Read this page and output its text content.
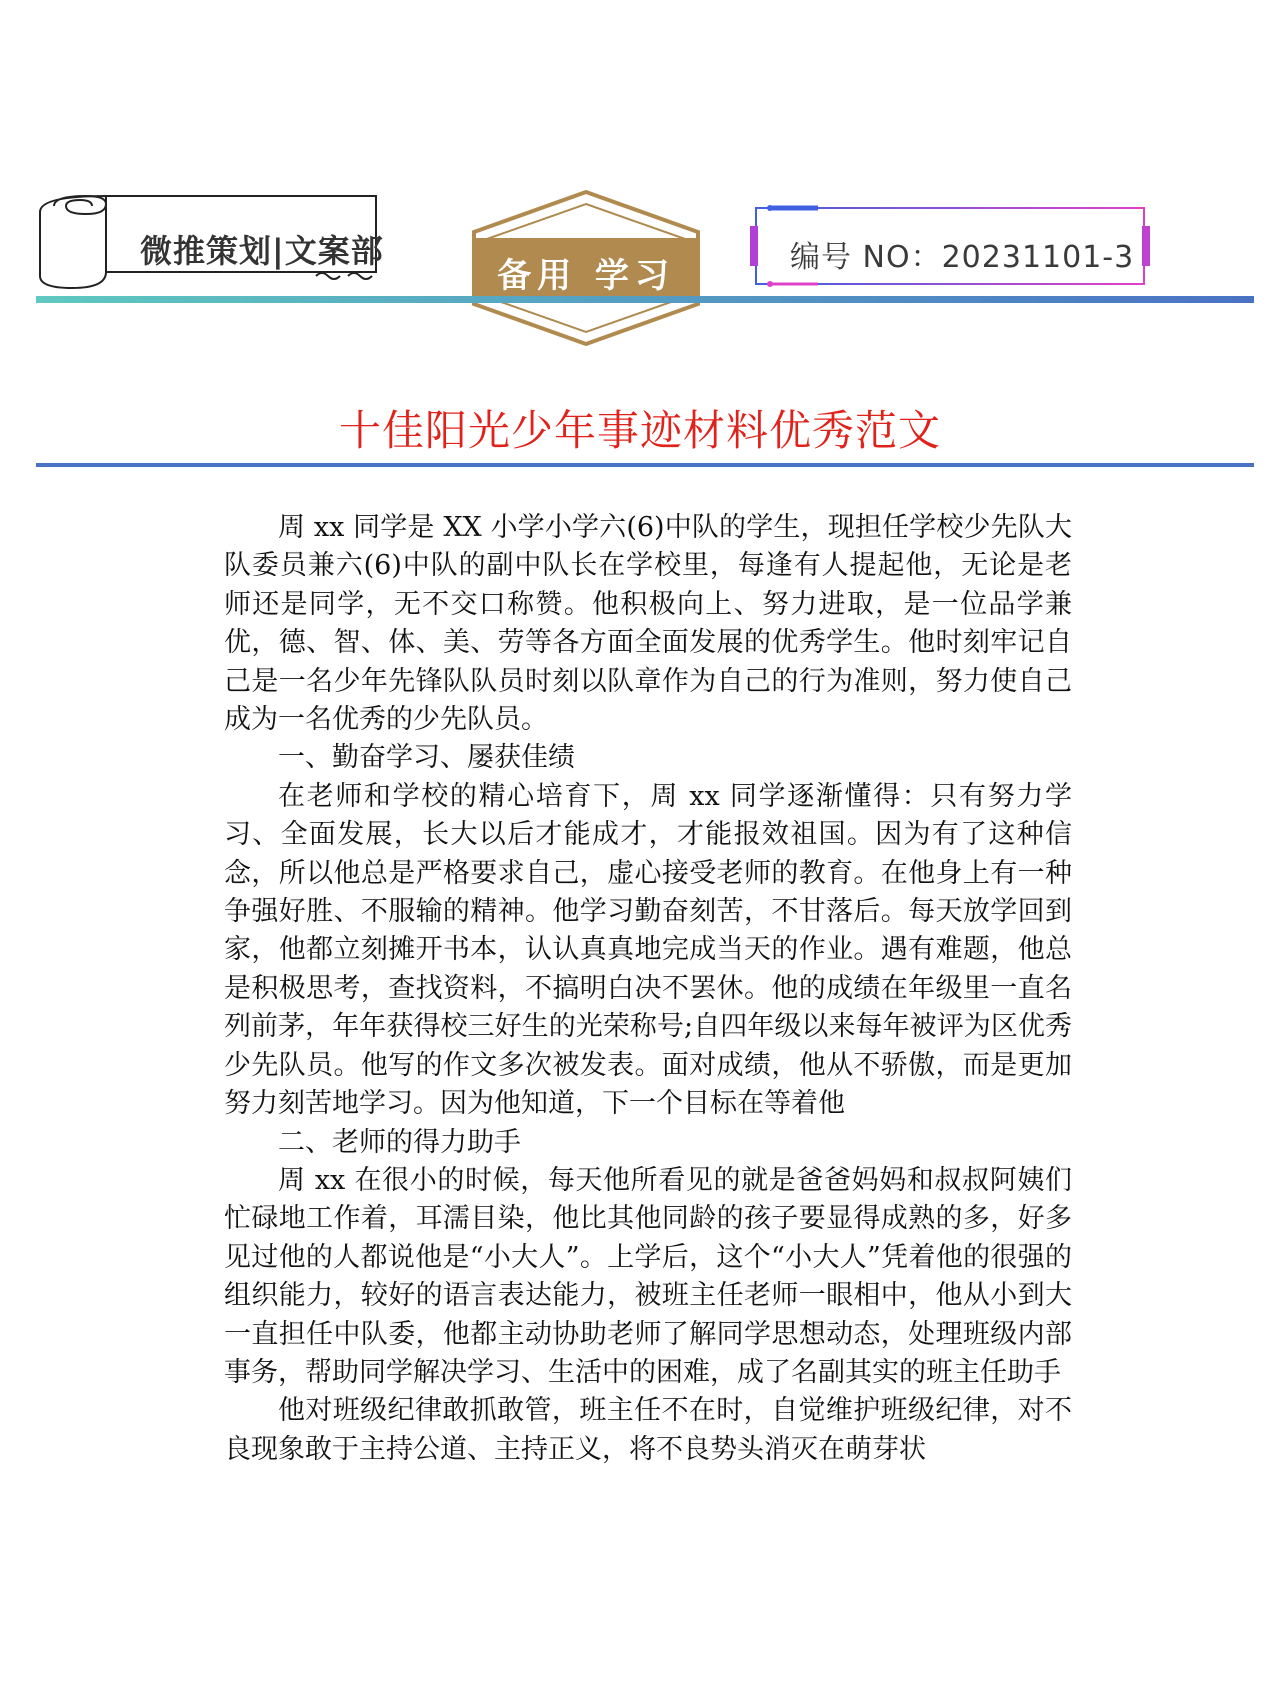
微推策划|文案部
备用 学习	编号 NO：20231101-3
十佳阳光少年事迹材料优秀范文

周 xx 同学是 XX 小学小学六(6)中队的学生，现担任学校少先队大队委员兼六(6)中队的副中队长在学校里，每逢有人提起他，无论是老师还是同学，无不交口称赞。他积极向上、努力进取，是一位品学兼优，德、智、体、美、劳等各方面全面发展的优秀学生。他时刻牢记自己是一名少年先锋队队员时刻以队章作为自己的行为准则，努力使自己成为一名优秀的少先队员。

一、勤奋学习、屡获佳绩

在老师和学校的精心培育下，周 xx 同学逐渐懂得：只有努力学习、全面发展，长大以后才能成才，才能报效祖国。因为有了这种信念，所以他总是严格要求自己，虚心接受老师的教育。在他身上有一种争强好胜、不服输的精神。他学习勤奋刻苦，不甘落后。每天放学回到家，他都立刻摊开书本，认认真真地完成当天的作业。遇有难题，他总是积极思考，查找资料，不搞明白决不罢休。他的成绩在年级里一直名列前茅，年年获得校三好生的光荣称号;自四年级以来每年被评为区优秀少先队员。他写的作文多次被发表。面对成绩，他从不骄傲，而是更加努力刻苦地学习。因为他知道，下一个目标在等着他

二、老师的得力助手

周 xx 在很小的时候，每天他所看见的就是爸爸妈妈和叔叔阿姨们忙碌地工作着，耳濡目染，他比其他同龄的孩子要显得成熟的多，好多见过他的人都说他是“小大人”。上学后，这个“小大人”凭着他的很强的组织能力，较好的语言表达能力，被班主任老师一眼相中，他从小到大一直担任中队委，他都主动协助老师了解同学思想动态，处理班级内部事务，帮助同学解决学习、生活中的困难，成了名副其实的班主任助手

他对班级纪律敢抓敢管，班主任不在时，自觉维护班级纪律，对不良现象敢于主持公道、主持正义，将不良势头消灭在萌芽状
